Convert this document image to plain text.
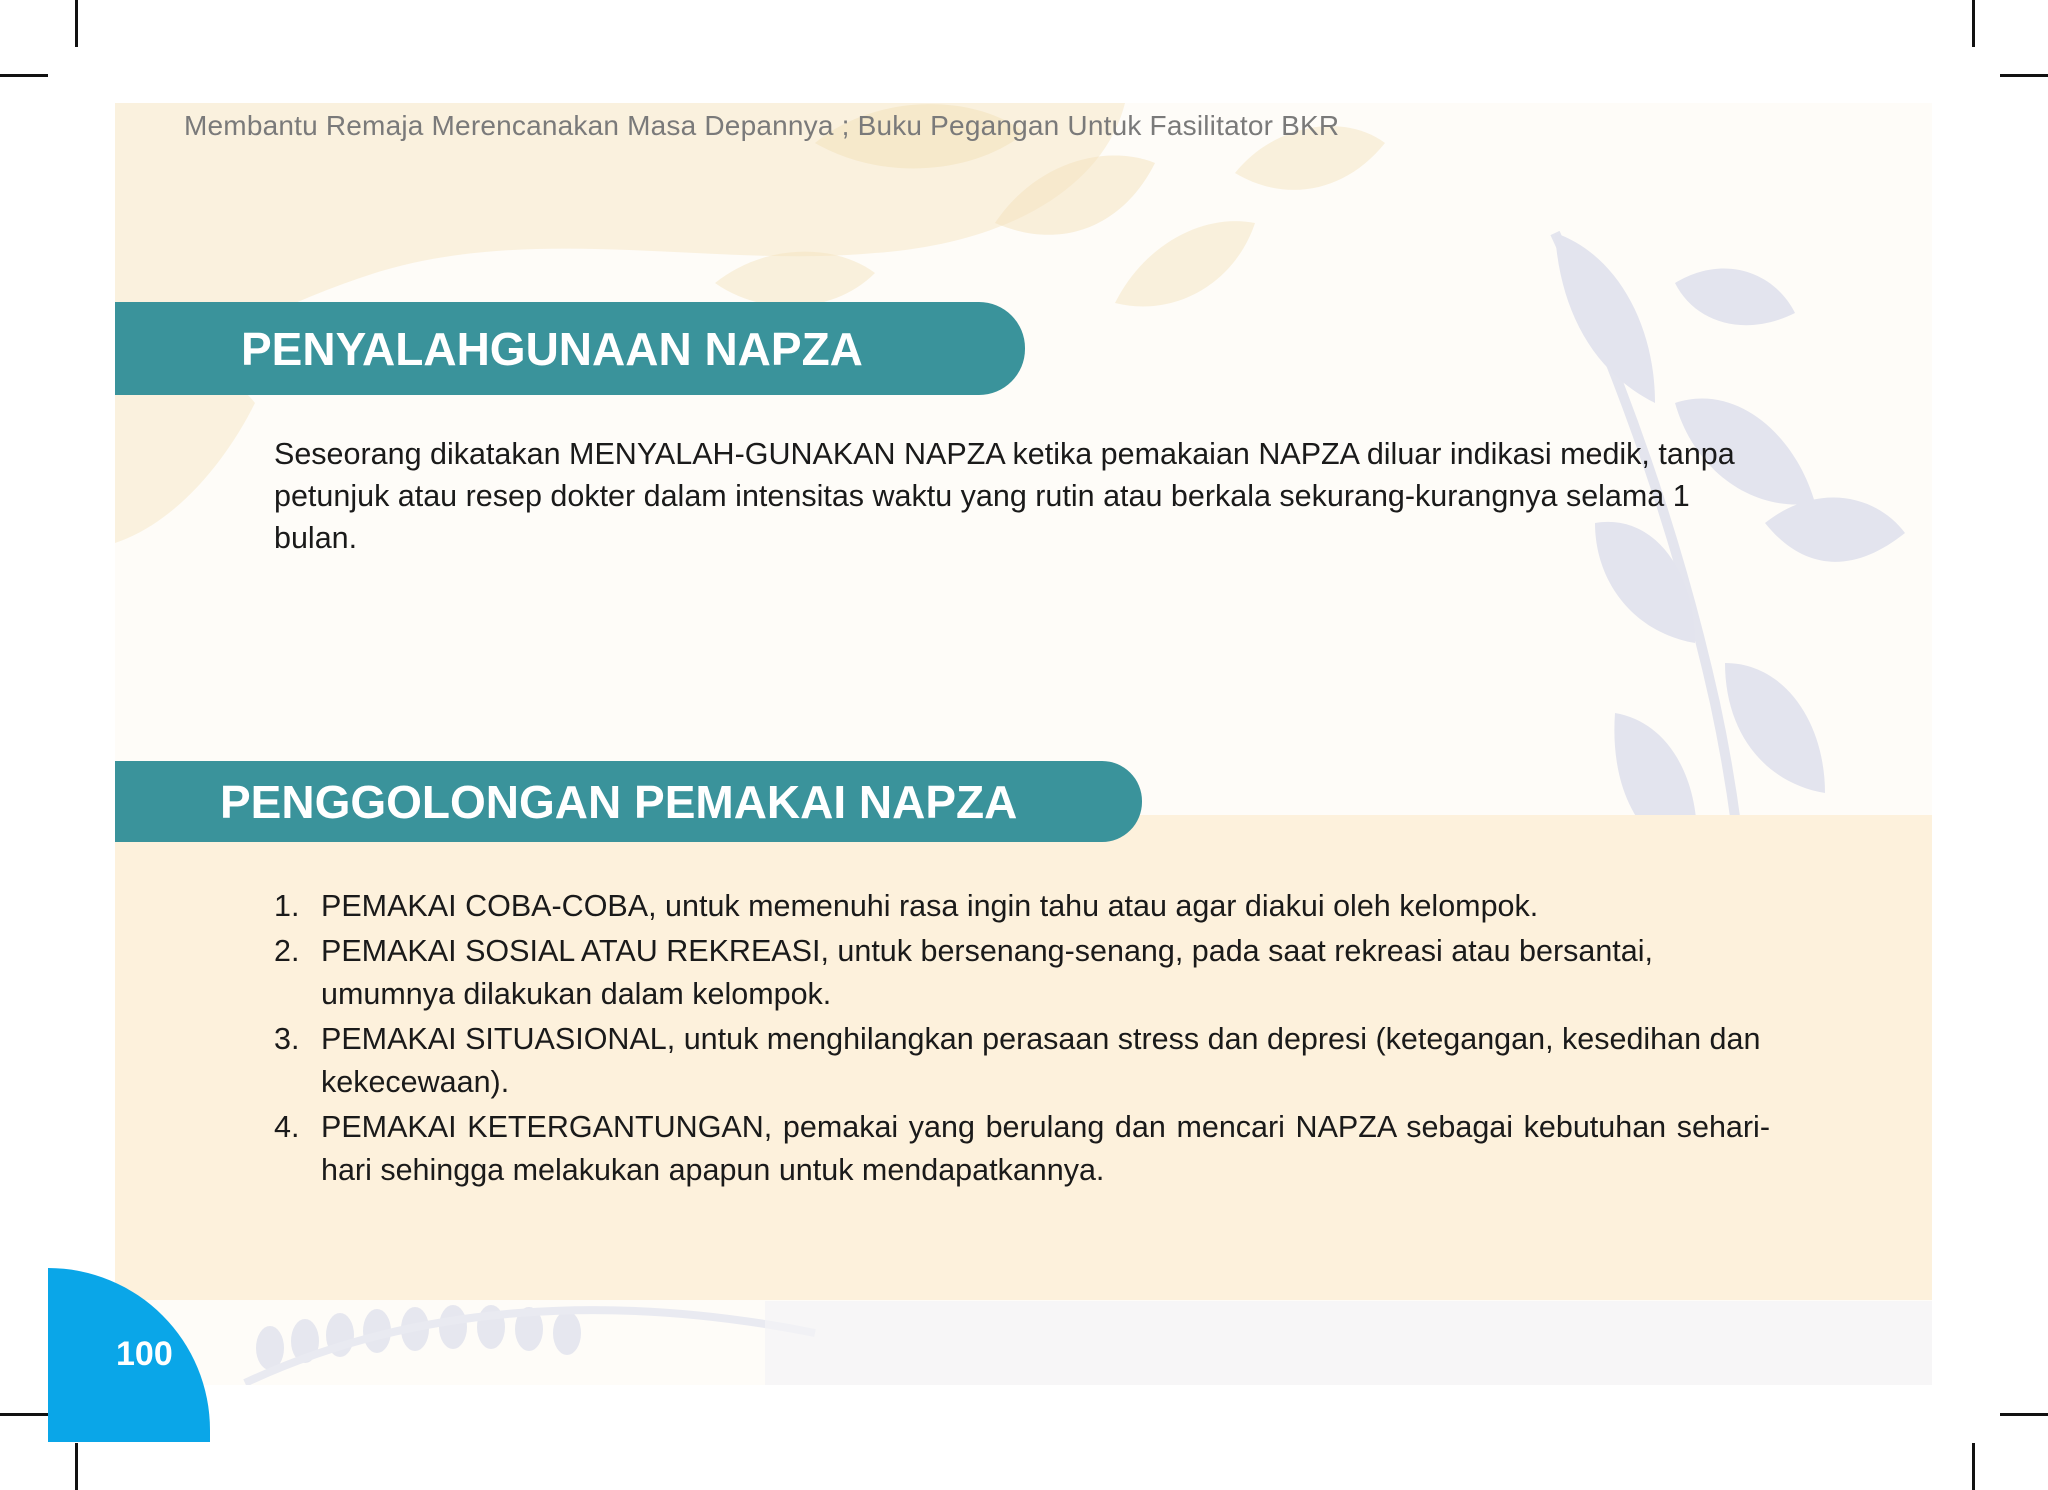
Membantu Remaja Merencanakan Masa Depannya ; Buku Pegangan Untuk Fasilitator BKR
PENYALAHGUNAAN NAPZA

Seseorang dikatakan MENYALAH-GUNAKAN NAPZA ketika pemakaian NAPZA diluar indikasi medik, tanpa petunjuk atau resep dokter dalam intensitas waktu yang rutin atau berkala sekurang-kurangnya selama 1 bulan.

PENGGOLONGAN PEMAKAI NAPZA
1. PEMAKAI COBA-COBA, untuk memenuhi rasa ingin tahu atau agar diakui oleh kelompok.
2. PEMAKAI SOSIAL ATAU REKREASI, untuk bersenang-senang, pada saat rekreasi atau bersantai, umumnya dilakukan dalam kelompok.
3. PEMAKAI SITUASIONAL, untuk menghilangkan perasaan stress dan depresi (ketegangan, kesedihan dan kekecewaan).
4. PEMAKAI KETERGANTUNGAN, pemakai yang berulang dan mencari NAPZA sebagai kebutuhan sehari-hari sehingga melakukan apapun untuk mendapatkannya.
100
